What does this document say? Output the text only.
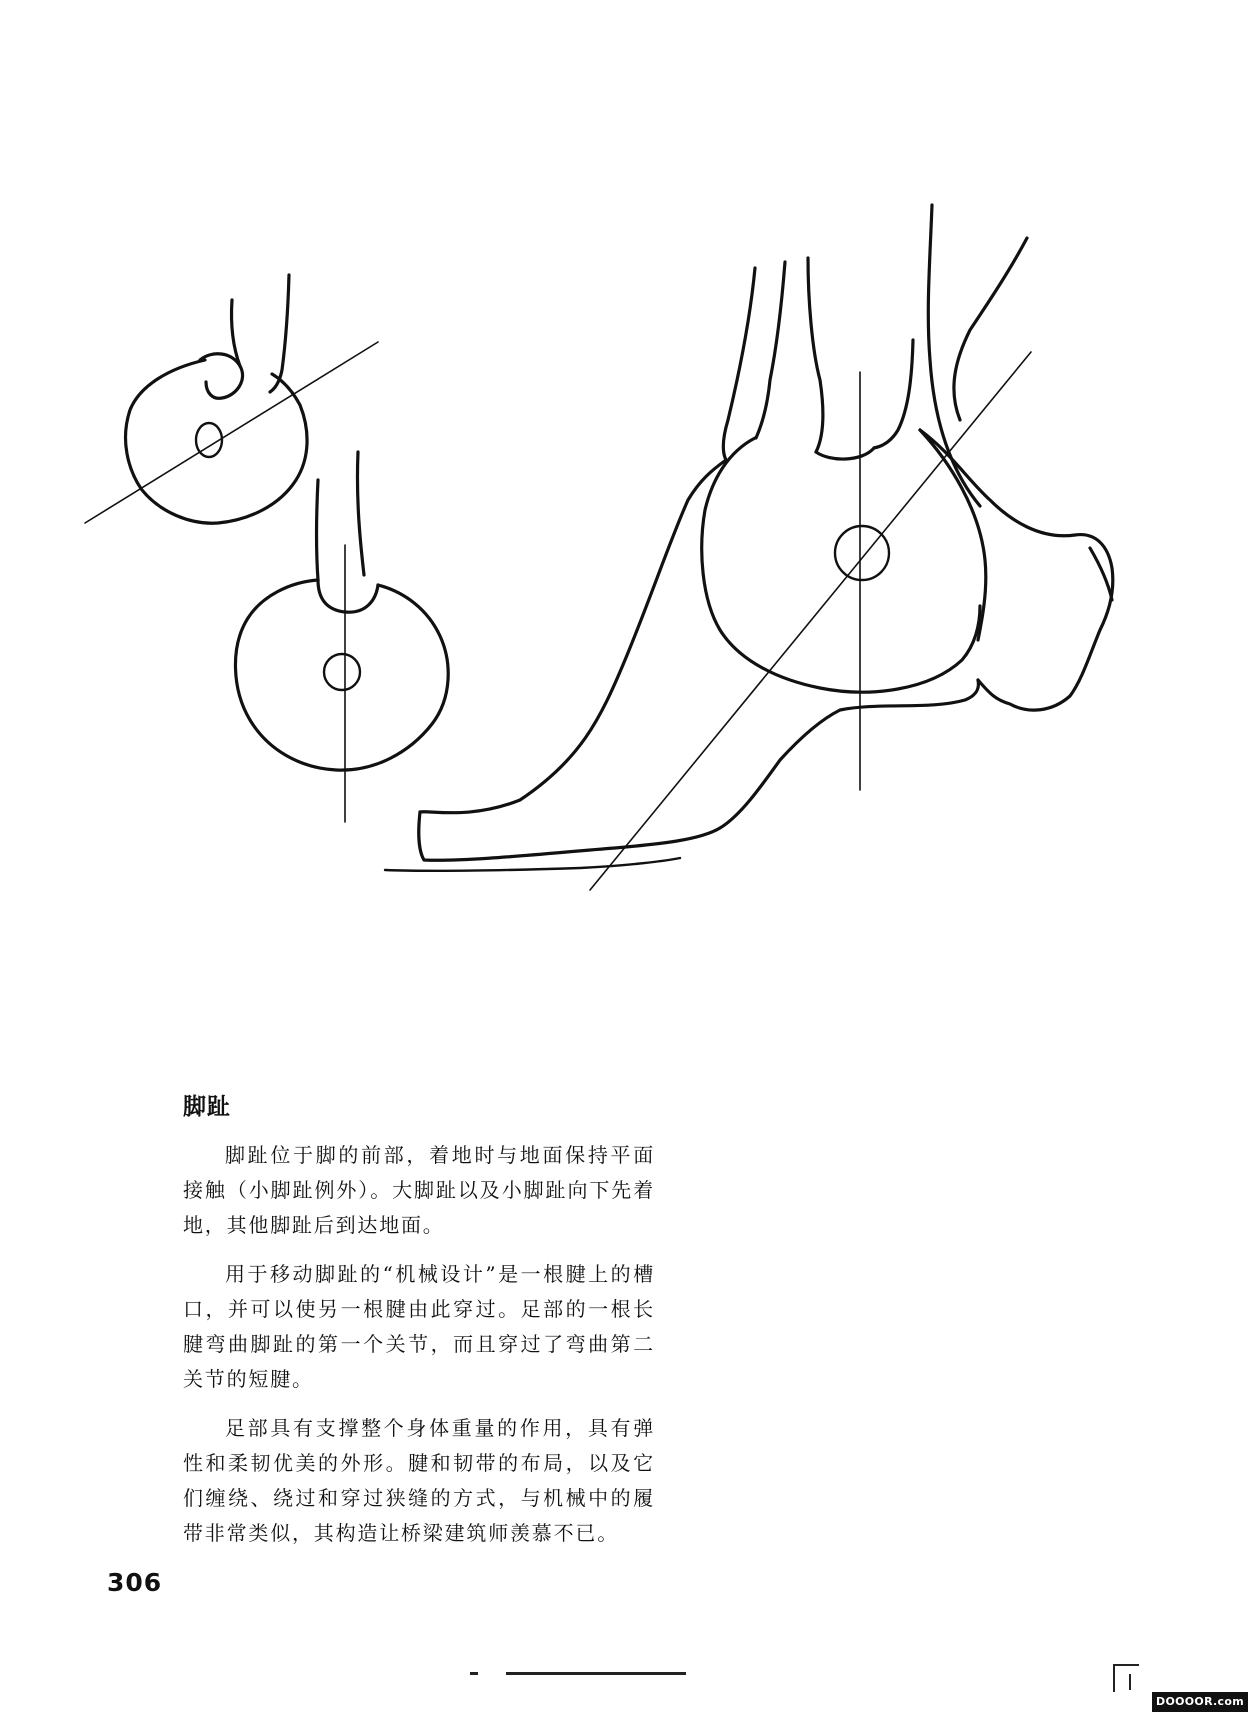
脚趾

脚趾位于脚的前部，着地时与地面保持平面接触（小脚趾例外）。大脚趾以及小脚趾向下先着地，其他脚趾后到达地面。

用于移动脚趾的“机械设计”是一根腱上的槽口，并可以使另一根腱由此穿过。足部的一根长腱弯曲脚趾的第一个关节，而且穿过了弯曲第二关节的短腱。

足部具有支撑整个身体重量的作用，具有弹性和柔韧优美的外形。腱和韧带的布局，以及它们缠绕、绕过和穿过狭缝的方式，与机械中的履带非常类似，其构造让桥梁建筑师羡慕不已。

306
DOOOOR.com
